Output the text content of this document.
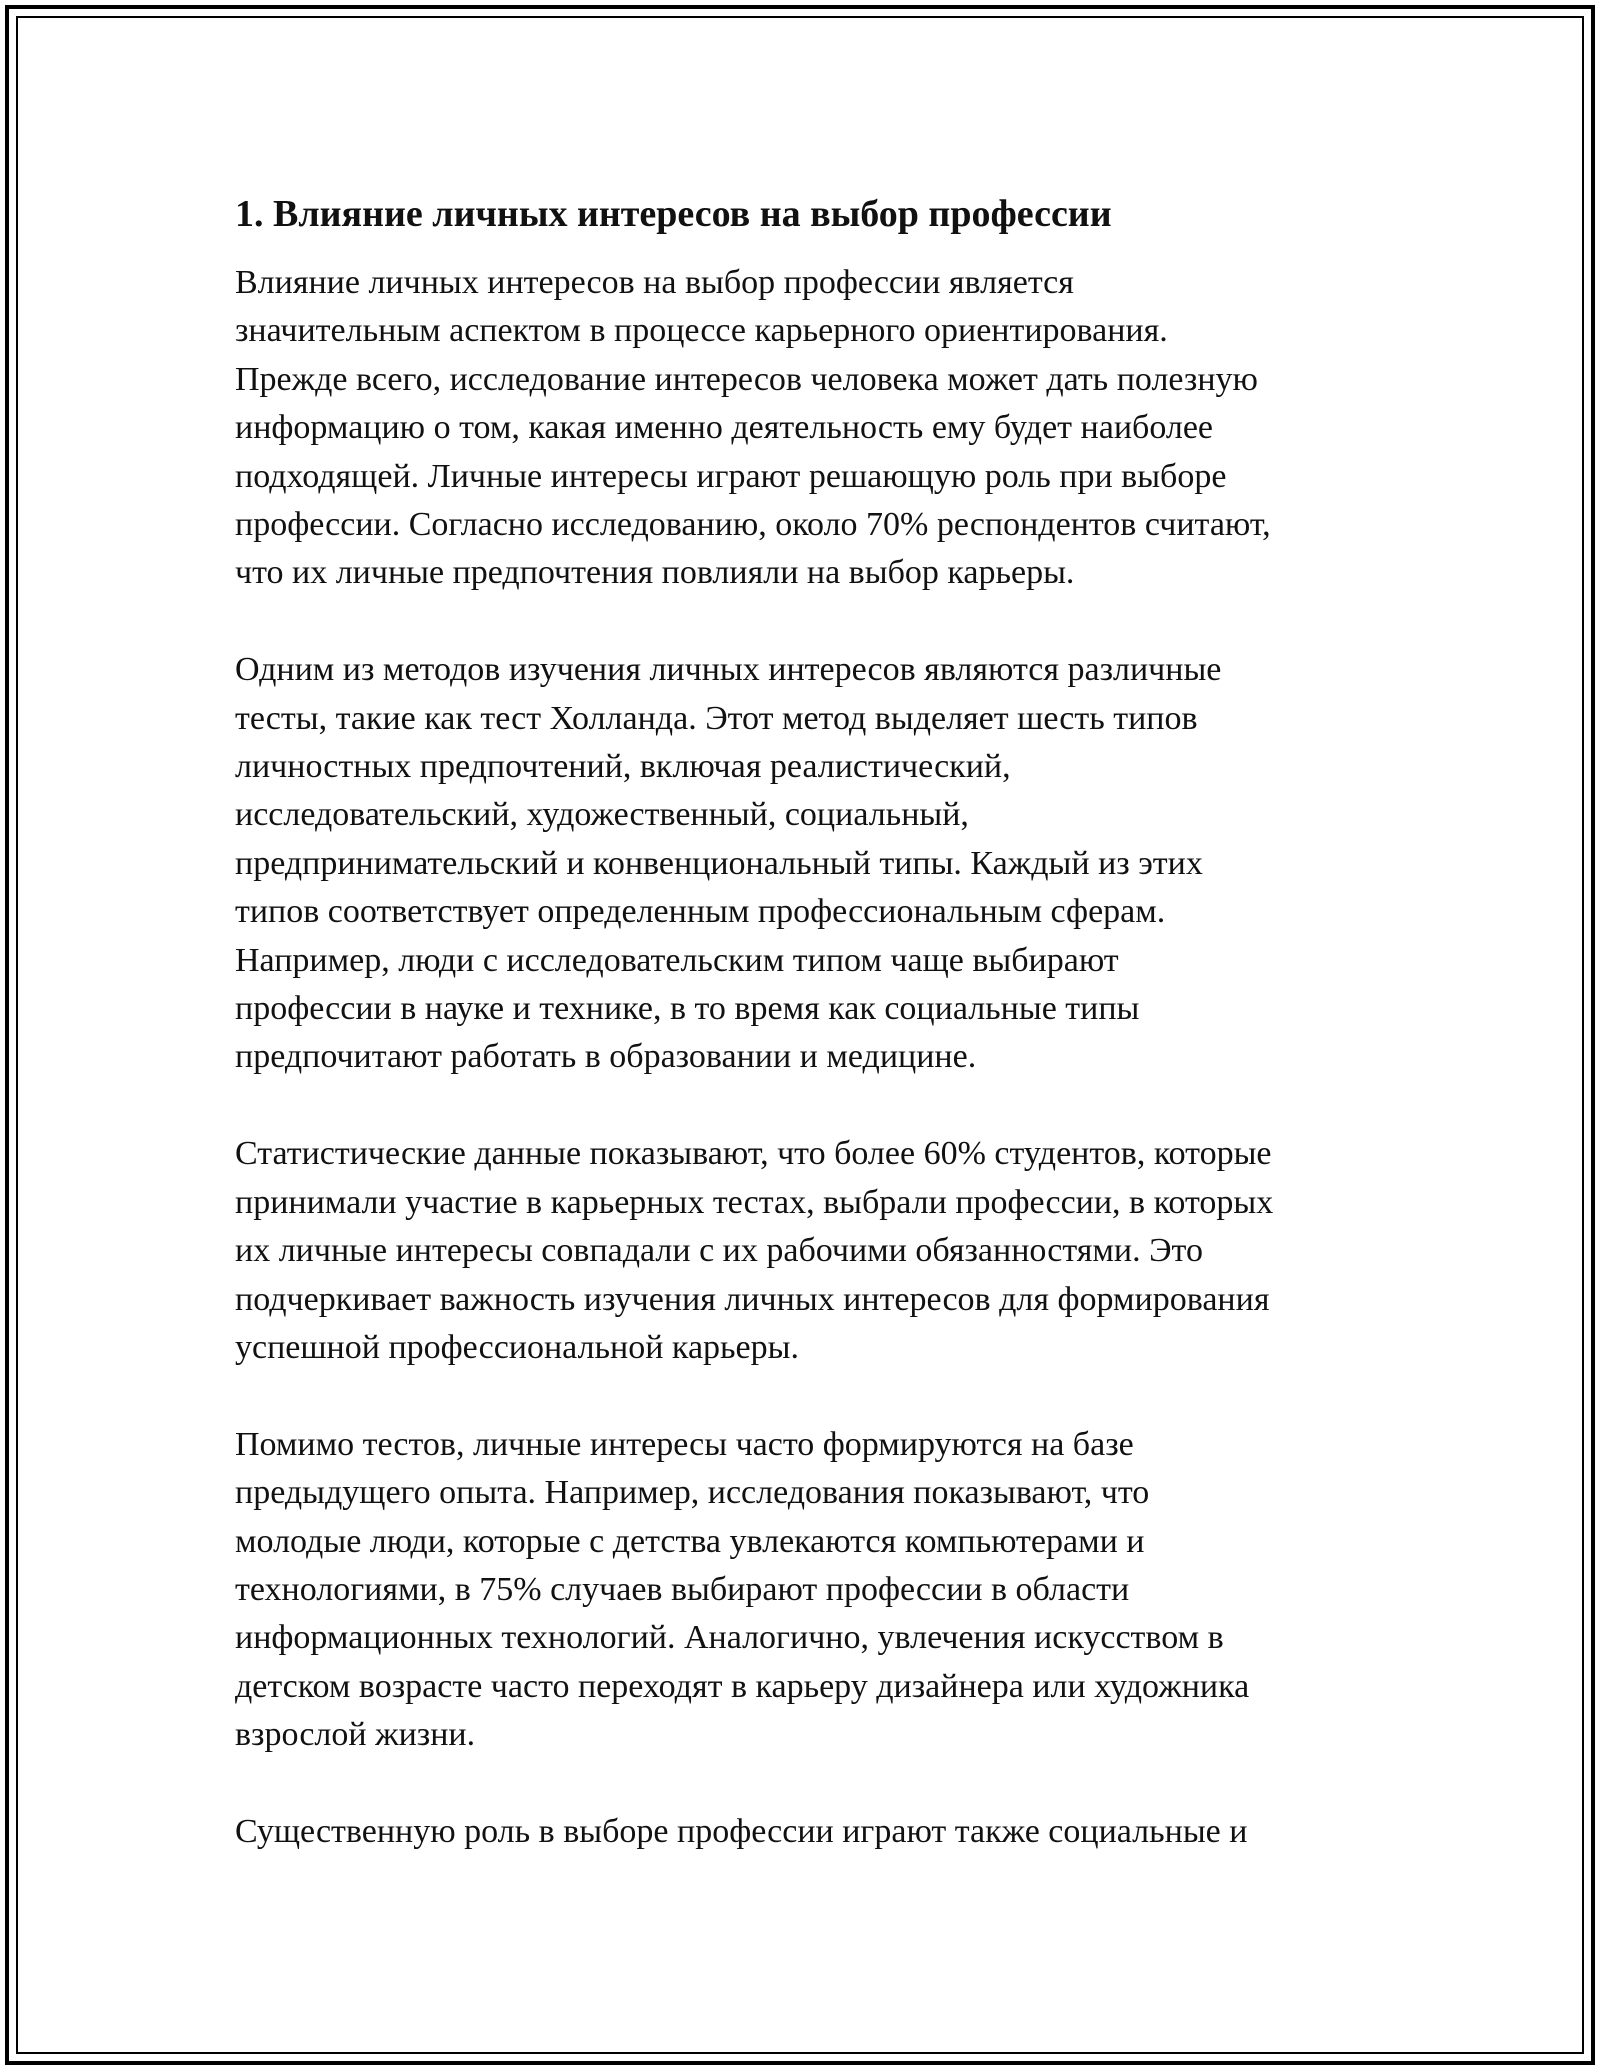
1. Влияние личных интересов на выбор профессии

Влияние личных интересов на выбор профессии является
значительным аспектом в процессе карьерного ориентирования.
Прежде всего, исследование интересов человека может дать полезную
информацию о том, какая именно деятельность ему будет наиболее
подходящей. Личные интересы играют решающую роль при выборе
профессии. Согласно исследованию, около 70% респондентов считают,
что их личные предпочтения повлияли на выбор карьеры.

Одним из методов изучения личных интересов являются различные
тесты, такие как тест Холланда. Этот метод выделяет шесть типов
личностных предпочтений, включая реалистический,
исследовательский, художественный, социальный,
предпринимательский и конвенциональный типы. Каждый из этих
типов соответствует определенным профессиональным сферам.
Например, люди с исследовательским типом чаще выбирают
профессии в науке и технике, в то время как социальные типы
предпочитают работать в образовании и медицине.

Статистические данные показывают, что более 60% студентов, которые
принимали участие в карьерных тестах, выбрали профессии, в которых
их личные интересы совпадали с их рабочими обязанностями. Это
подчеркивает важность изучения личных интересов для формирования
успешной профессиональной карьеры.

Помимо тестов, личные интересы часто формируются на базе
предыдущего опыта. Например, исследования показывают, что
молодые люди, которые с детства увлекаются компьютерами и
технологиями, в 75% случаев выбирают профессии в области
информационных технологий. Аналогично, увлечения искусством в
детском возрасте часто переходят в карьеру дизайнера или художника
взрослой жизни.

Существенную роль в выборе профессии играют также социальные и
